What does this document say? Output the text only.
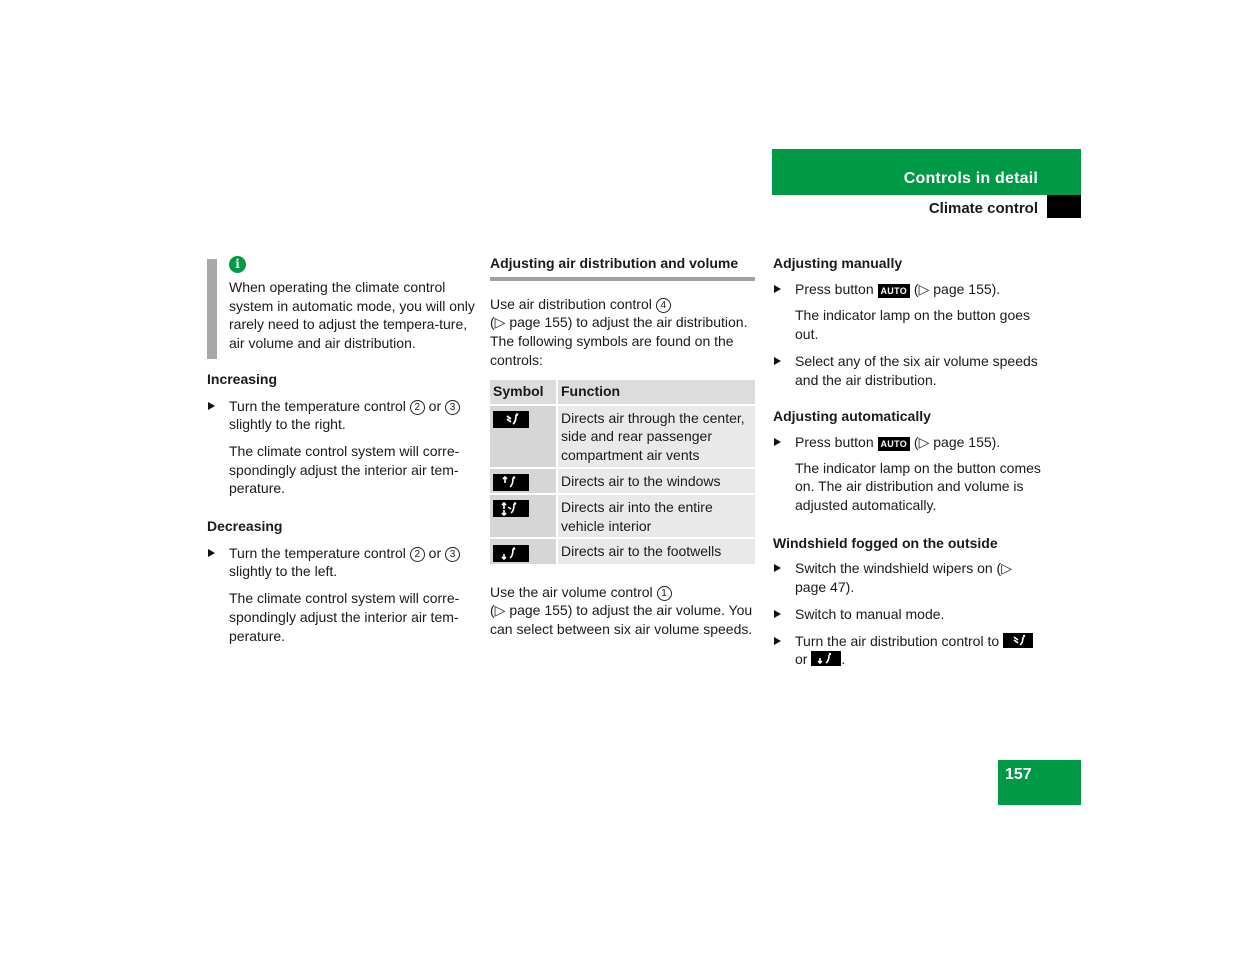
Controls in detail
Climate control
i

When operating the climate control system in automatic mode, you will only rarely need to adjust the tempera-ture, air volume and air distribution.

Increasing

Turn the temperature control 2 or 3 slightly to the right.

The climate control system will corre-spondingly adjust the interior air tem-perature.

Decreasing

Turn the temperature control 2 or 3 slightly to the left.

The climate control system will corre-spondingly adjust the interior air tem-perature.

Adjusting air distribution and volume

Use air distribution control 4
(▷ page 155) to adjust the air distribution. The following symbols are found on the controls:

Symbol	Function

	Directs air through the center, side and rear passenger compartment air vents

	Directs air to the windows

	Directs air into the entire vehicle interior

	Directs air to the footwells

Use the air volume control 1
(▷ page 155) to adjust the air volume. You can select between six air volume speeds.

Adjusting manually

Press button AUTO (▷ page 155).

The indicator lamp on the button goes out.

Select any of the six air volume speeds and the air distribution.

Adjusting automatically

Press button AUTO (▷ page 155).

The indicator lamp on the button comes on. The air distribution and volume is adjusted automatically.

Windshield fogged on the outside

Switch the windshield wipers on (▷ page 47).
Switch to manual mode.
Turn the air distribution control to
or
.
157
